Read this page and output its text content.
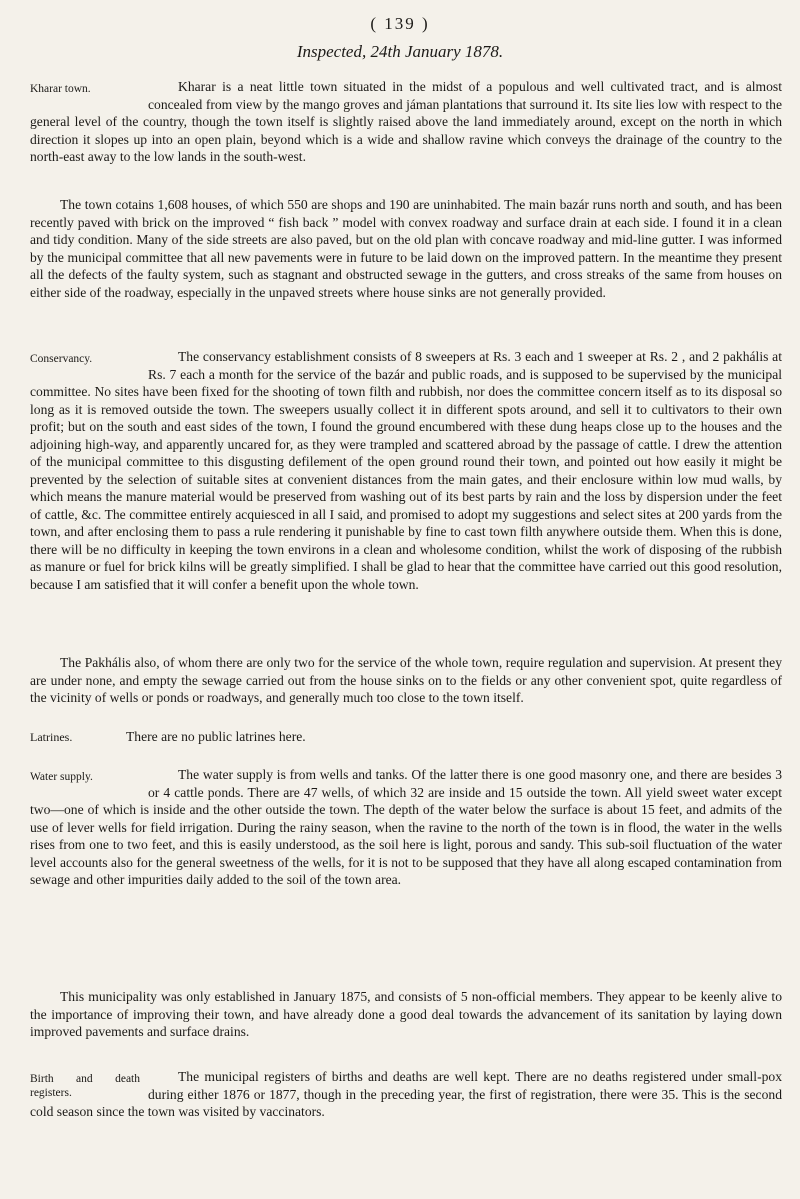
( 139 )
Inspected, 24th January 1878.

Kharar town.	Kharar is a neat little town situated in the midst of a populous and well cultivated tract, and is almost concealed from view by the mango groves and jáman plantations that surround it. Its site lies low with respect to the general level of the country, though the town itself is slightly raised above the land immediately around, except on the north in which direction it slopes up into an open plain, beyond which is a wide and shallow ravine which conveys the drainage of the country to the north-east away to the low lands in the south-west.

The town cotains 1,608 houses, of which 550 are shops and 190 are uninhabited. The main bazár runs north and south, and has been recently paved with brick on the improved “ fish back ” model with convex roadway and surface drain at each side. I found it in a clean and tidy condition. Many of the side streets are also paved, but on the old plan with concave roadway and mid-line gutter. I was informed by the municipal committee that all new pavements were in future to be laid down on the improved pattern. In the meantime they present all the defects of the faulty system, such as stagnant and obstructed sewage in the gutters, and cross streaks of the same from houses on either side of the roadway, especially in the unpaved streets where house sinks are not generally provided.

Conservancy.	The conservancy establishment consists of 8 sweepers at Rs. 3 each and 1 sweeper at Rs. 2 , and 2 pakhális at Rs. 7 each a month for the service of the bazár and public roads, and is supposed to be supervised by the municipal committee. No sites have been fixed for the shooting of town filth and rubbish, nor does the committee concern itself as to its disposal so long as it is removed outside the town. The sweepers usually collect it in different spots around, and sell it to cultivators to their own profit; but on the south and east sides of the town, I found the ground encumbered with these dung heaps close up to the houses and the adjoining high-way, and apparently uncared for, as they were trampled and scattered abroad by the passage of cattle. I drew the attention of the municipal committee to this disgusting defilement of the open ground round their town, and pointed out how easily it might be prevented by the selection of suitable sites at convenient distances from the main gates, and their enclosure within low mud walls, by which means the manure material would be preserved from washing out of its best parts by rain and the loss by dispersion under the feet of cattle, &c. The committee entirely acquiesced in all I said, and promised to adopt my suggestions and select sites at 200 yards from the town, and after enclosing them to pass a rule rendering it punishable by fine to cast town filth anywhere outside them. When this is done, there will be no difficulty in keeping the town environs in a clean and wholesome condition, whilst the work of disposing of the rubbish as manure or fuel for brick kilns will be greatly simplified. I shall be glad to hear that the committee have carried out this good resolution, because I am satisfied that it will confer a benefit upon the whole town.

The Pakhális also, of whom there are only two for the service of the whole town, require regulation and supervision. At present they are under none, and empty the sewage carried out from the house sinks on to the fields or any other convenient spot, quite regardless of the vicinity of wells or ponds or roadways, and generally much too close to the town itself.

Latrines.	There are no public latrines here.

Water supply.	The water supply is from wells and tanks. Of the latter there is one good masonry one, and there are besides 3 or 4 cattle ponds. There are 47 wells, of which 32 are inside and 15 outside the town. All yield sweet water except two—one of which is inside and the other outside the town. The depth of the water below the surface is about 15 feet, and admits of the use of lever wells for field irrigation. During the rainy season, when the ravine to the north of the town is in flood, the water in the wells rises from one to two feet, and this is easily understood, as the soil here is light, porous and sandy. This sub-soil fluctuation of the water level accounts also for the general sweetness of the wells, for it is not to be supposed that they have all along escaped contamination from sewage and other impurities daily added to the soil of the town area.

This municipality was only established in January 1875, and consists of 5 non-official members. They appear to be keenly alive to the importance of improving their town, and have already done a good deal towards the advancement of its sanitation by laying down improved pavements and surface drains.

Birth and death registers.
The municipal registers of births and deaths are well kept. There are no deaths registered under small-pox during either 1876 or 1877, though in the preceding year, the first of registration, there were 35. This is the second cold season since the town was visited by vaccinators.
